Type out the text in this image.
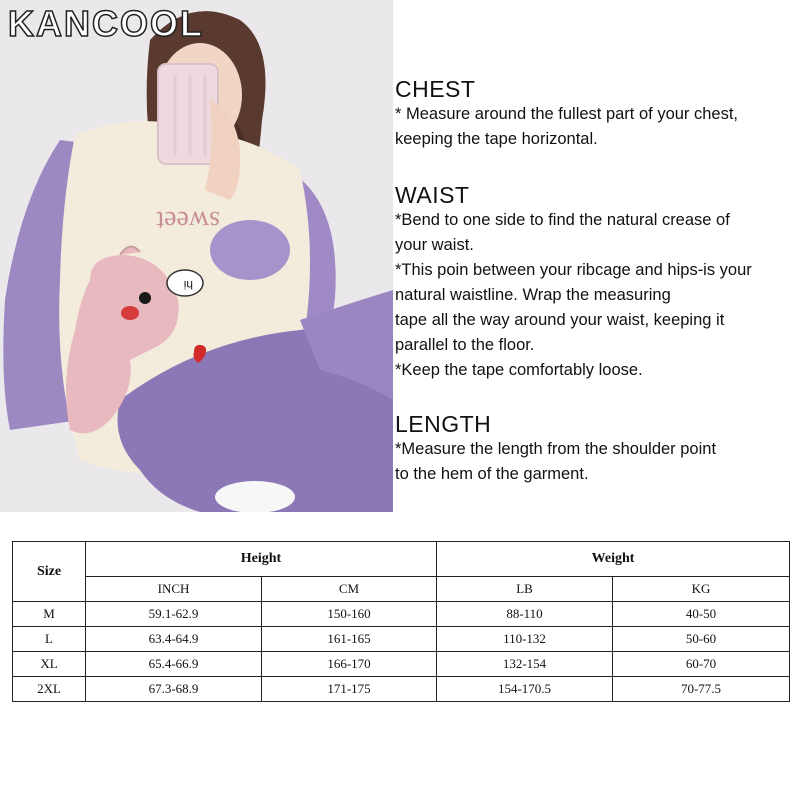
sweet
hi
KANCOOL
CHEST

* Measure around the fullest part of your chest,

keeping the tape horizontal.

WAIST

*Bend to one side to find the natural crease of

your waist.

*This poin between your ribcage and hips-is your

natural waistline. Wrap the measuring

tape all the way around your waist, keeping it

parallel to the floor.

*Keep the tape comfortably loose.

LENGTH

*Measure the length from the shoulder point

to the hem of the garment.

Size	Height		Weight	
	INCH	CM	LB	KG
M	59.1-62.9	150-160	88-110	40-50
L	63.4-64.9	161-165	110-132	50-60
XL	65.4-66.9	166-170	132-154	60-70
2XL	67.3-68.9	171-175	154-170.5	70-77.5
